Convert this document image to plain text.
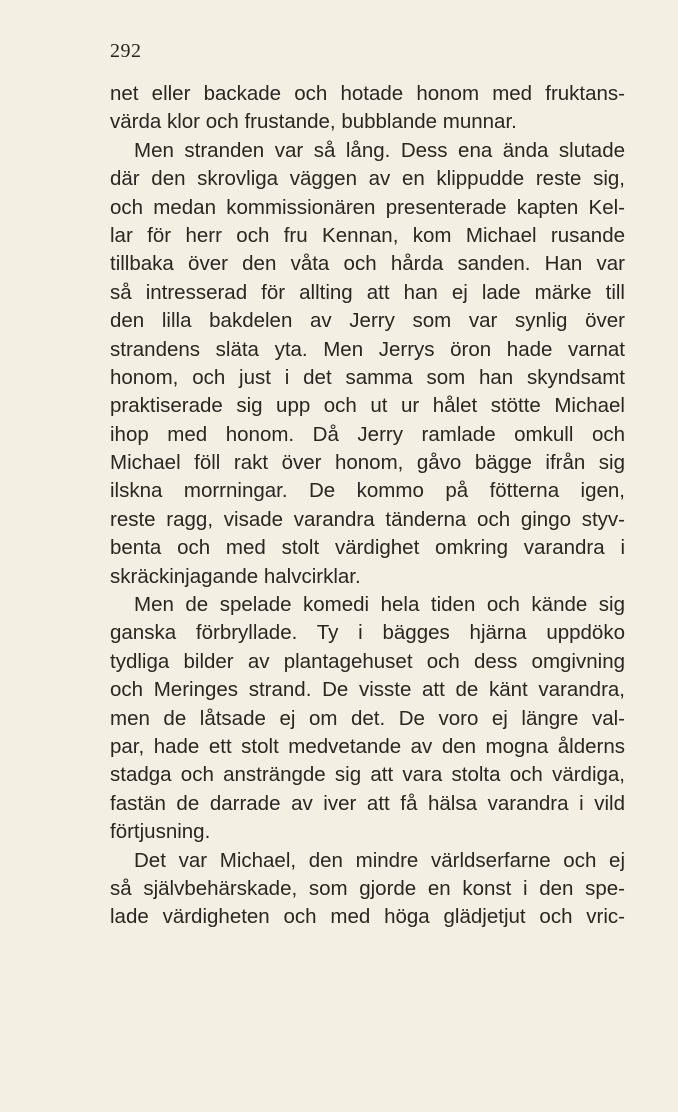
292
net eller backade och hotade honom med fruktans-
värda klor och frustande, bubblande munnar.
Men stranden var så lång. Dess ena ända slutade
där den skrovliga väggen av en klippudde reste sig,
och medan kommissionären presenterade kapten Kel-
lar för herr och fru Kennan, kom Michael rusande
tillbaka över den våta och hårda sanden. Han var
så intresserad för allting att han ej lade märke till
den lilla bakdelen av Jerry som var synlig över
strandens släta yta. Men Jerrys öron hade varnat
honom, och just i det samma som han skyndsamt
praktiserade sig upp och ut ur hålet stötte Michael
ihop med honom. Då Jerry ramlade omkull och
Michael föll rakt över honom, gåvo bägge ifrån sig
ilskna morrningar. De kommo på fötterna igen,
reste ragg, visade varandra tänderna och gingo styv-
benta och med stolt värdighet omkring varandra i
skräckinjagande halvcirklar.
Men de spelade komedi hela tiden och kände sig
ganska förbryllade. Ty i bägges hjärna uppdöko
tydliga bilder av plantagehuset och dess omgivning
och Meringes strand. De visste att de känt varandra,
men de låtsade ej om det. De voro ej längre val-
par, hade ett stolt medvetande av den mogna ålderns
stadga och ansträngde sig att vara stolta och värdiga,
fastän de darrade av iver att få hälsa varandra i vild
förtjusning.
Det var Michael, den mindre världserfarne och ej
så självbehärskade, som gjorde en konst i den spe-
lade värdigheten och med höga glädjetjut och vric-
